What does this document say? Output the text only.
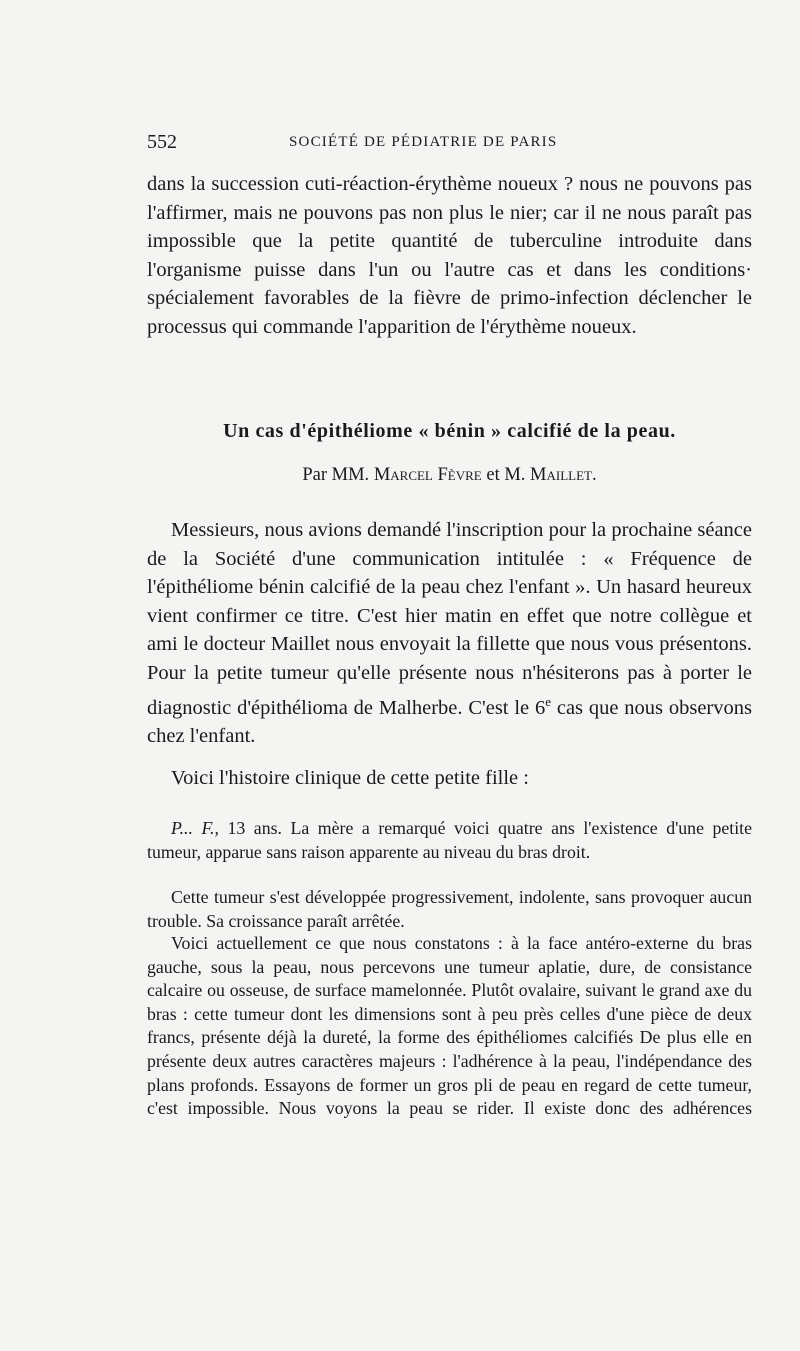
552	SOCIÉTÉ DE PÉDIATRIE DE PARIS

dans la succession cuti-réaction-érythème noueux ? nous ne pouvons pas l'affirmer, mais ne pouvons pas non plus le nier; car il ne nous paraît pas impossible que la petite quantité de tuberculine introduite dans l'organisme puisse dans l'un ou l'autre cas et dans les conditions· spécialement favorables de la fièvre de primo-infection déclencher le processus qui commande l'apparition de l'érythème noueux.

Un cas d'épithéliome « bénin » calcifié de la peau.
Par MM. Marcel Fèvre et M. Maillet.

Messieurs, nous avions demandé l'inscription pour la prochaine séance de la Société d'une communication intitulée : « Fréquence de l'épithéliome bénin calcifié de la peau chez l'enfant ». Un hasard heureux vient confirmer ce titre. C'est hier matin en effet que notre collègue et ami le docteur Maillet nous envoyait la fillette que nous vous présentons. Pour la petite tumeur qu'elle présente nous n'hésiterons pas à porter le diagnostic d'épithélioma de Malherbe. C'est le 6e cas que nous observons chez l'enfant.

Voici l'histoire clinique de cette petite fille :

P... F., 13 ans. La mère a remarqué voici quatre ans l'existence d'une petite tumeur, apparue sans raison apparente au niveau du bras droit.

Cette tumeur s'est développée progressivement, indolente, sans provoquer aucun trouble. Sa croissance paraît arrêtée.

Voici actuellement ce que nous constatons : à la face antéro-externe du bras gauche, sous la peau, nous percevons une tumeur aplatie, dure, de consistance calcaire ou osseuse, de surface mamelonnée. Plutôt ovalaire, suivant le grand axe du bras : cette tumeur dont les dimensions sont à peu près celles d'une pièce de deux francs, présente déjà la dureté, la forme des épithéliomes calcifiés De plus elle en présente deux autres caractères majeurs : l'adhérence à la peau, l'indépendance des plans profonds. Essayons de former un gros pli de peau en regard de cette tumeur, c'est impossible. Nous voyons la peau se rider. Il existe donc des adhérences
